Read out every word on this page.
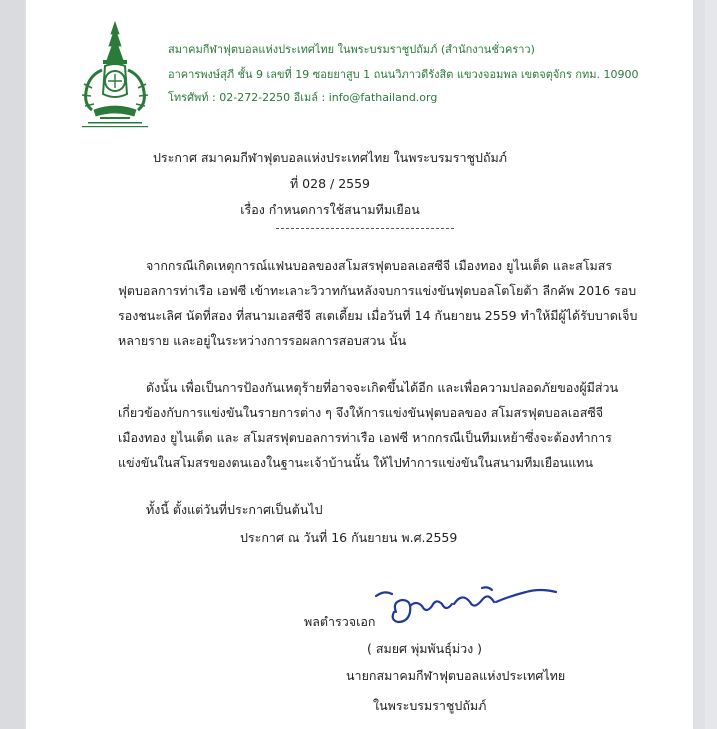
สมาคมกีฬาฟุตบอลแห่งประเทศไทย ในพระบรมราชูปถัมภ์ (สำนักงานชั่วคราว)
อาคารพงษ์สุภี ชั้น 9 เลขที่ 19 ซอยยาสูบ 1 ถนนวิภาวดีรังสิต แขวงจอมพล เขตจตุจักร กทม. 10900
โทรศัพท์ : 02-272-2250 อีเมล์ : info@fathailand.org
ประกาศ สมาคมกีฬาฟุตบอลแห่งประเทศไทย ในพระบรมราชูปถัมภ์
ที่ 028 / 2559
เรื่อง กำหนดการใช้สนามทีมเยือน
จากกรณีเกิดเหตุการณ์แฟนบอลของสโมสรฟุตบอลเอสซีจี เมืองทอง ยูไนเต็ด และสโมสรฟุตบอลการท่าเรือ เอฟซี เข้าทะเลาะวิวาทกันหลังจบการแข่งขันฟุตบอลโตโยต้า ลีกคัพ 2016 รอบรองชนะเลิศ นัดที่สอง ที่สนามเอสซีจี สเตเดี้ยม เมื่อวันที่ 14 กันยายน 2559 ทำให้มีผู้ได้รับบาดเจ็บหลายราย และอยู่ในระหว่างการรอผลการสอบสวน นั้น
ดังนั้น เพื่อเป็นการป้องกันเหตุร้ายที่อาจจะเกิดขึ้นได้อีก และเพื่อความปลอดภัยของผู้มีส่วนเกี่ยวข้องกับการแข่งขันในรายการต่าง ๆ จึงให้การแข่งขันฟุตบอลของ สโมสรฟุตบอลเอสซีจี เมืองทอง ยูไนเต็ด และ สโมสรฟุตบอลการท่าเรือ เอฟซี หากกรณีเป็นทีมเหย้าซึ่งจะต้องทำการแข่งขันในสโมสรของตนเองในฐานะเจ้าบ้านนั้น ให้ไปทำการแข่งขันในสนามทีมเยือนแทน
ทั้งนี้ ตั้งแต่วันที่ประกาศเป็นต้นไป
ประกาศ ณ วันที่ 16 กันยายน พ.ศ.2559
พลตำรวจเอก
( สมยศ พุ่มพันธุ์ม่วง )
นายกสมาคมกีฬาฟุตบอลแห่งประเทศไทย
ในพระบรมราชูปถัมภ์
